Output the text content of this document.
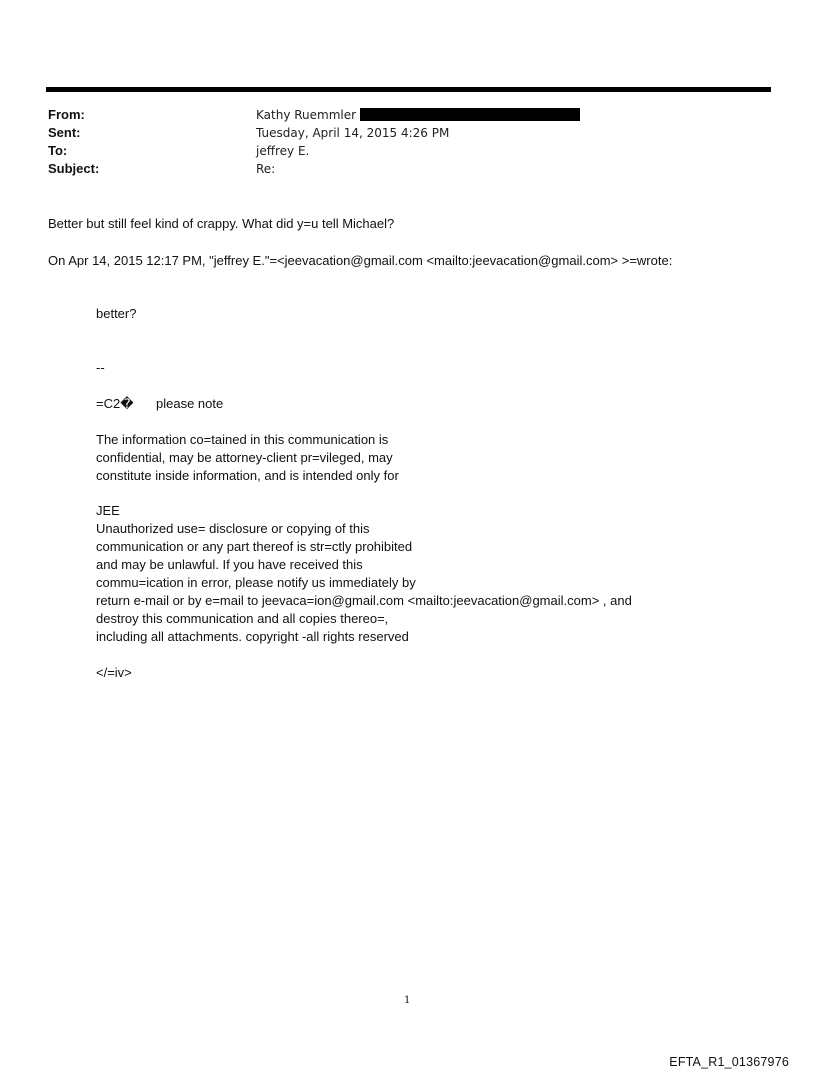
From:	Kathy Ruemmler
Sent:	Tuesday, April 14, 2015 4:26 PM
To:	jeffrey E.
Subject:	Re:
Better but still feel kind of crappy. What did y=u tell Michael?
On Apr 14, 2015 12:17 PM, "jeffrey E."=<jeevacation@gmail.com <mailto:jeevacation@gmail.com> >=wrote:
better?
--
=C2� please note
The information co=tained in this communication is
confidential, may be attorney-client pr=vileged, may
constitute inside information, and is intended only for
JEE
Unauthorized use= disclosure or copying of this
communication or any part thereof is str=ctly prohibited
and may be unlawful. If you have received this
commu=ication in error, please notify us immediately by
return e-mail or by e=mail to jeevaca=ion@gmail.com <mailto:jeevacation@gmail.com> , and
destroy this communication and all copies thereo=,
including all attachments. copyright -all rights reserved
</=iv>
1
EFTA_R1_01367976
